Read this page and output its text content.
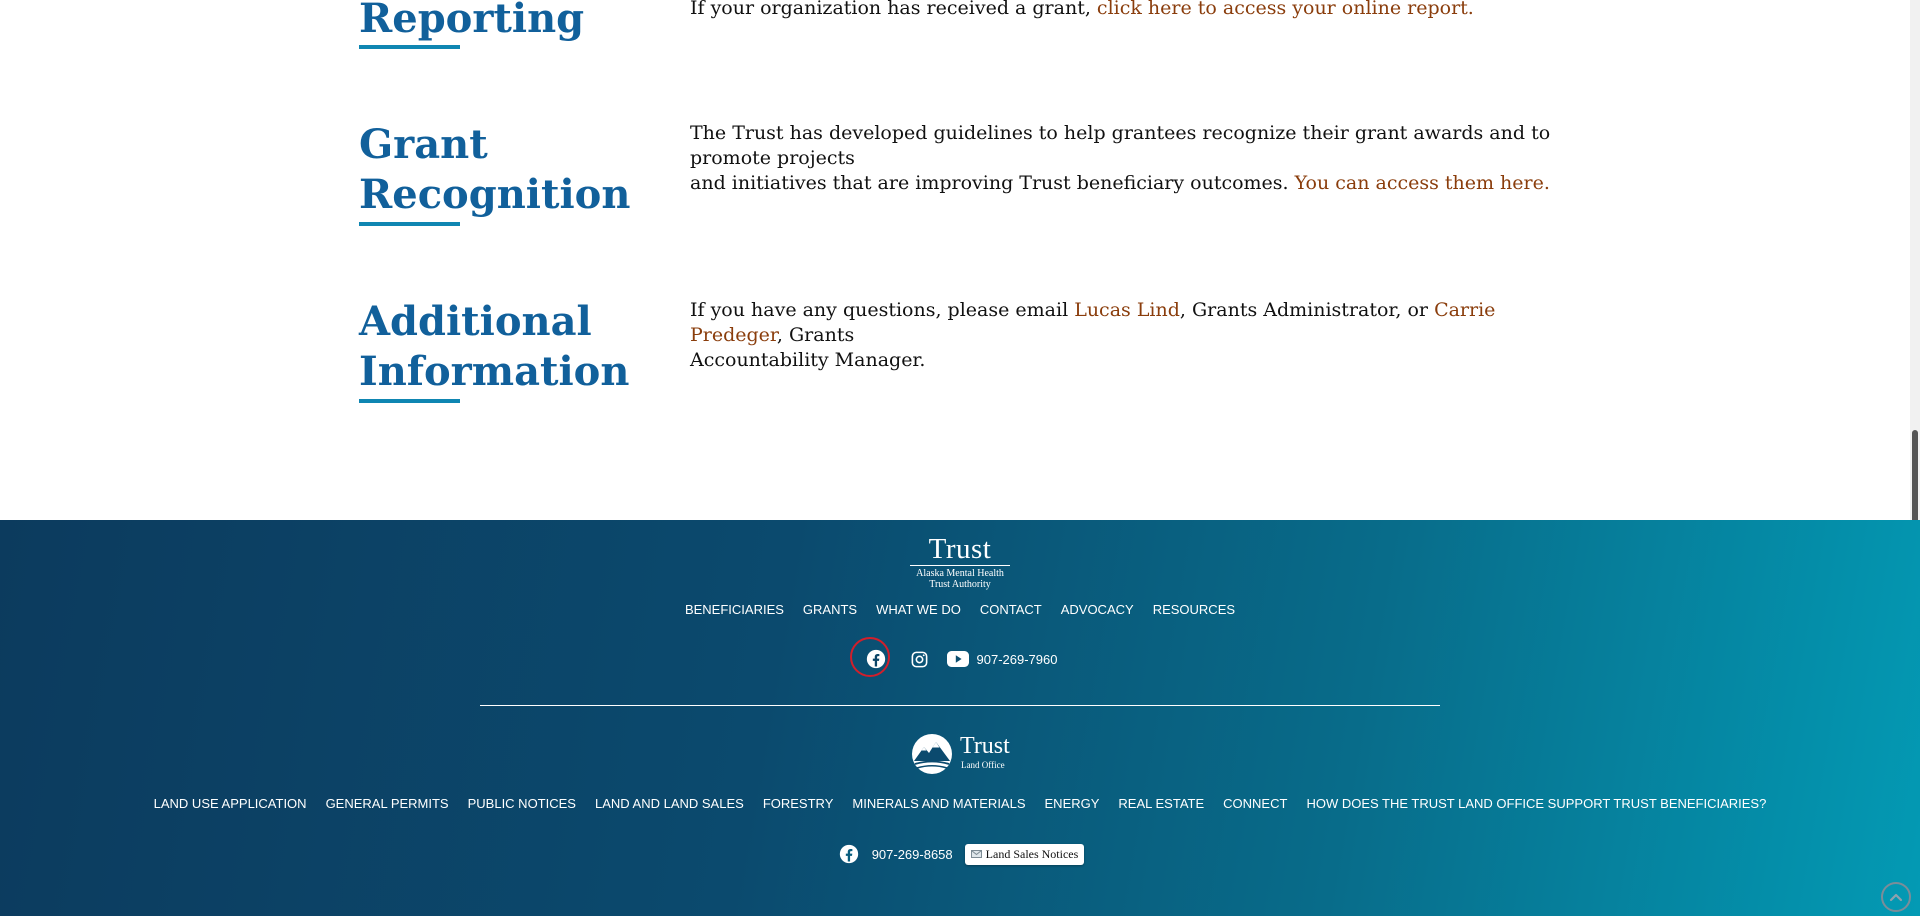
Reporting	If your organization has received a grant, click here to access your online report.

Grant
Recognition

The Trust has developed guidelines to help grantees recognize their grant awards and to promote projects
and initiatives that are improving Trust beneficiary outcomes. You can access them here.

Additional
Information

If you have any questions, please email Lucas Lind, Grants Administrator, or Carrie Predeger, Grants
Accountability Manager.

Trust
Alaska Mental Health
Trust Authority
BENEFICIARIES	GRANTS	WHAT WE DO	CONTACT	ADVOCACY	RESOURCES
907-269-7960
Trust
Land Office
LAND USE APPLICATION	GENERAL PERMITS	PUBLIC NOTICES	LAND AND LAND SALES	FORESTRY	MINERALS AND MATERIALS	ENERGY	REAL ESTATE	CONNECT	HOW DOES THE TRUST LAND OFFICE SUPPORT TRUST BENEFICIARIES?
907-269-8658	Land Sales Notices
